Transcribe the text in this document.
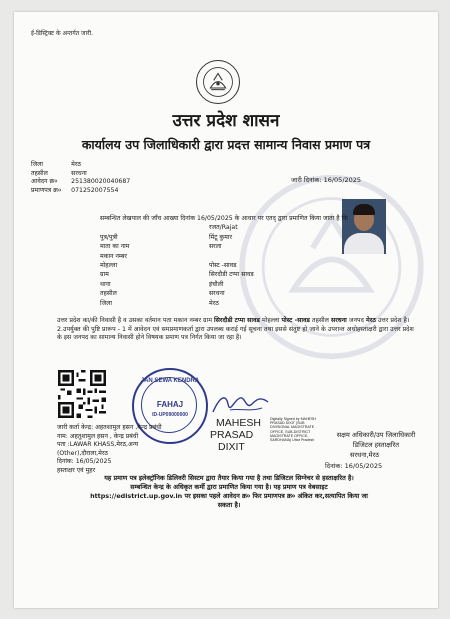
ई-डिस्ट्रिक्ट के अन्तर्गत जारी.
उत्तर प्रदेश शासन
कार्यालय उप जिलाधिकारी द्वारा प्रदत्त सामान्य निवास प्रमाण पत्र
जिला	मेरठ
तहसील	सरधना
आवेदन क्र०	251380020040687
प्रमाणपत्र क्र०	071252007554
जारी दिनांक: 16/05/2025
सम्बन्धित लेखपाल की जाँच आख्या दिनांक 16/05/2025 के आधार पर एतद् द्वारा प्रमाणित किया जाता है कि	
	रजत/Rajat
पुत्र/पुत्री	मिंटू कुमार
माता का नाम	सरला
मकान नम्बर	
मोहल्ला	पोस्ट -सावड
ग्राम	सिरदौडी टप्पा सावड
थाना	इंचौली
तहसील	सरधना
जिला	मेरठ
उत्तर प्रदेश का/की निवासी है व उसका वर्तमान पता मकान नम्बर ग्राम सिरदौडी टप्पा सावड मोहल्ला पोस्ट -सावड तहसील सरधना जनपद मेरठ उत्तर प्रदेश है।
2.उपर्युक्त की पुष्टि प्रारूप - 1 में आवेदन एवं समप्रमाणकर्ता द्वारा उपलब्ध कराई गई सूचना तथा इससे संतुष्ट हो जाने के उपरान्त अधोहस्ताक्षरी द्वारा उत्तर प्रदेश के इस जनपद का सामान्य निवासी होने विषयक प्रमाण पत्र निर्गत किया जा रहा है।
JAN SEWA KENDRA
FAHAJ
ID-UP09000000
जारी कर्ता केन्द्र: अहतशामुल हसन ,केन्द्र प्रबंधी
नाम: अहतुशामुल हसन , केन्द्र प्रबंधी
पता :LAWAR KHASS,मेरठ,अन्य
(Other),दौराला,मेरठ
दिनांक: 16/05/2025
हस्ताक्षर एवं मुहर
MAHESH
PRASAD
DIXIT
Digitally Signed by MAHESH PRASAD DIXIT (SUB DIVISIONAL MAGISTRATE OFFICE, SUB-DISTRICT MAGISTRATE OFFICE, SARDHANA) Uttar Pradesh
सक्षम अधिकारी/उप जिलाधिकारी
डिजिटल हस्ताक्षरित
सरधना,मेरठ
दिनांक: 16/05/2025
यह प्रमाण पत्र इलेक्ट्रॉनिक डिलिवरी सिस्टम द्वारा तैयार किया गया है तथा डिजिटल सिग्नेचर से हस्ताक्षरित है।
सम्बन्धित केन्द्र के अधिकृत कर्मी द्वारा प्रमाणित किया गया है। यह प्रमाण पत्र वेबसाइट
https://edistrict.up.gov.in पर इसका पहले आवेदन क्र० फिर प्रमाणपत्र क्र० अंकित कर,सत्यापित किया जा
सकता है।
